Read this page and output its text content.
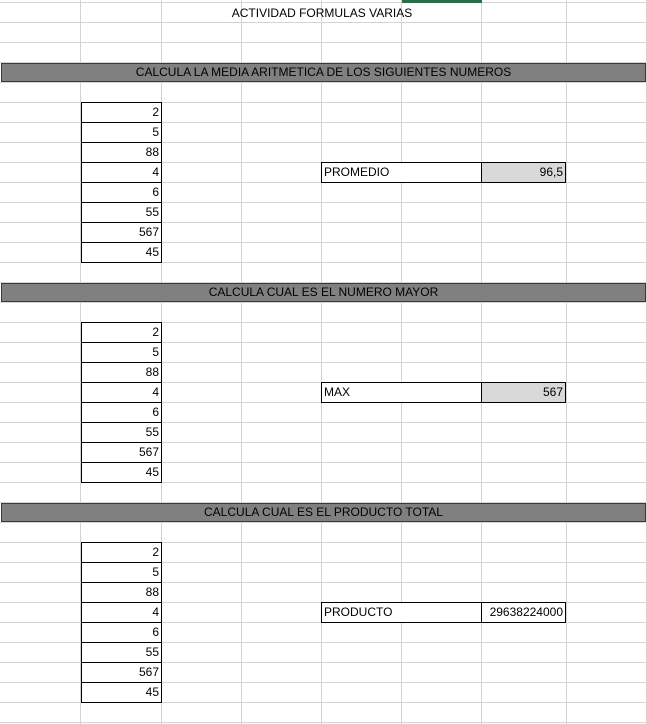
ACTIVIDAD FORMULAS VARIAS
CALCULA LA MEDIA ARITMETICA DE LOS SIGUIENTES NUMEROS
CALCULA CUAL ES EL NUMERO MAYOR
CALCULA CUAL ES EL PRODUCTO TOTAL
PROMEDIO	96,5
MAX	567
PRODUCTO	29638224000
2
5
88
4
6
55
567
45
2
5
88
4
6
55
567
45
2
5
88
4
6
55
567
45
